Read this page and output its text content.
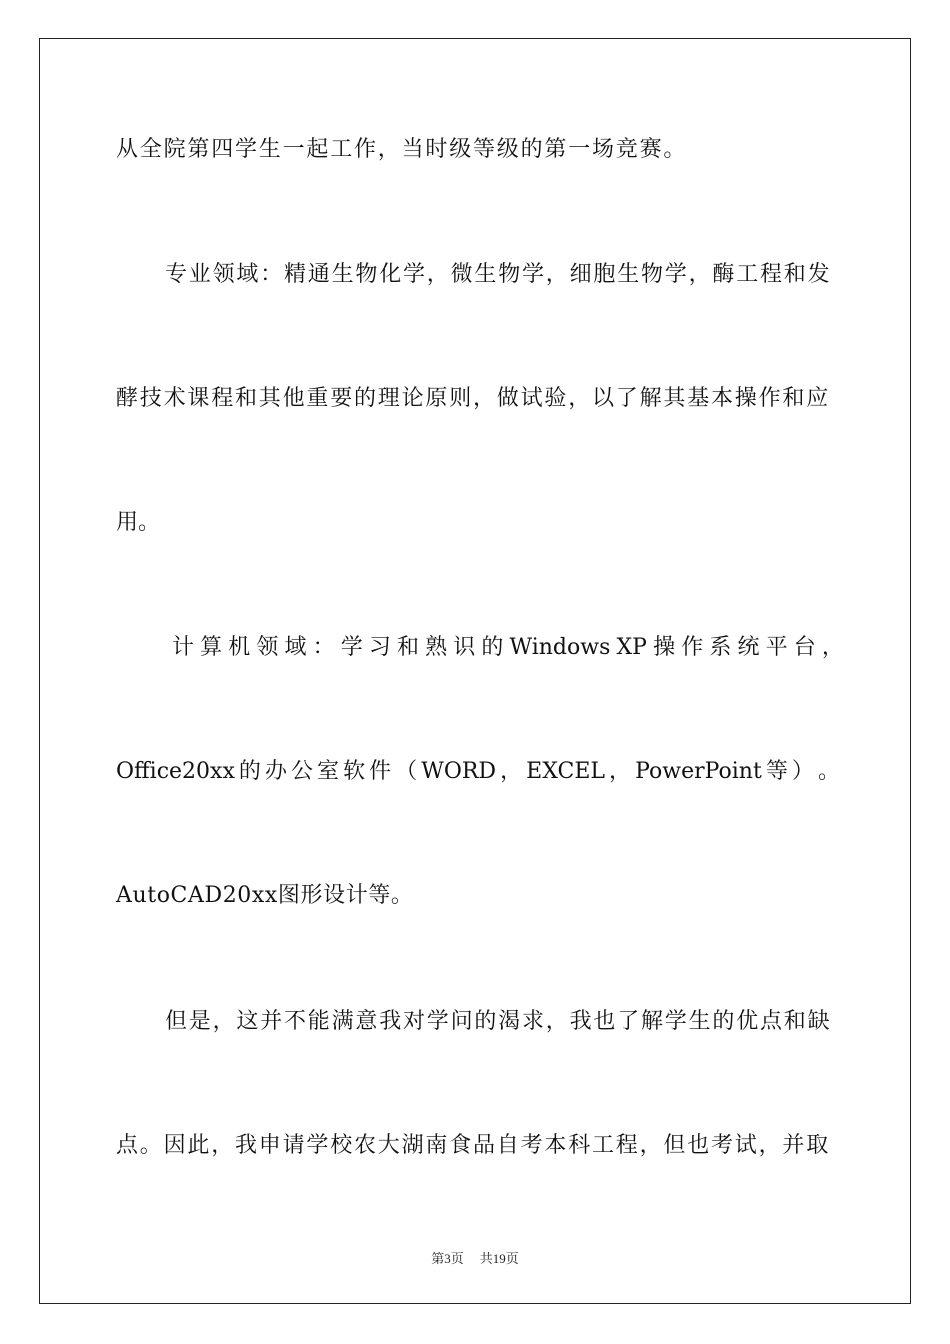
从全院第四学生一起工作，当时级等级的第一场竞赛。
专业领域：精通生物化学，微生物学，细胞生物学，酶工程和发
酵技术课程和其他重要的理论原则，做试验，以了解其基本操作和应
用。
计 算 机 领 域 ： 学 习 和 熟 识 的 Windows XP 操 作 系 统 平 台 ，
Office20xx 的 办 公 室 软 件 （ WORD ， EXCEL ， PowerPoint 等 ） 。
AutoCAD20xx图形设计等。
但是，这并不能满意我对学问的渴求，我也了解学生的优点和缺
点。因此，我申请学校农大湖南食品自考本科工程，但也考试，并取
第3页 共19页
